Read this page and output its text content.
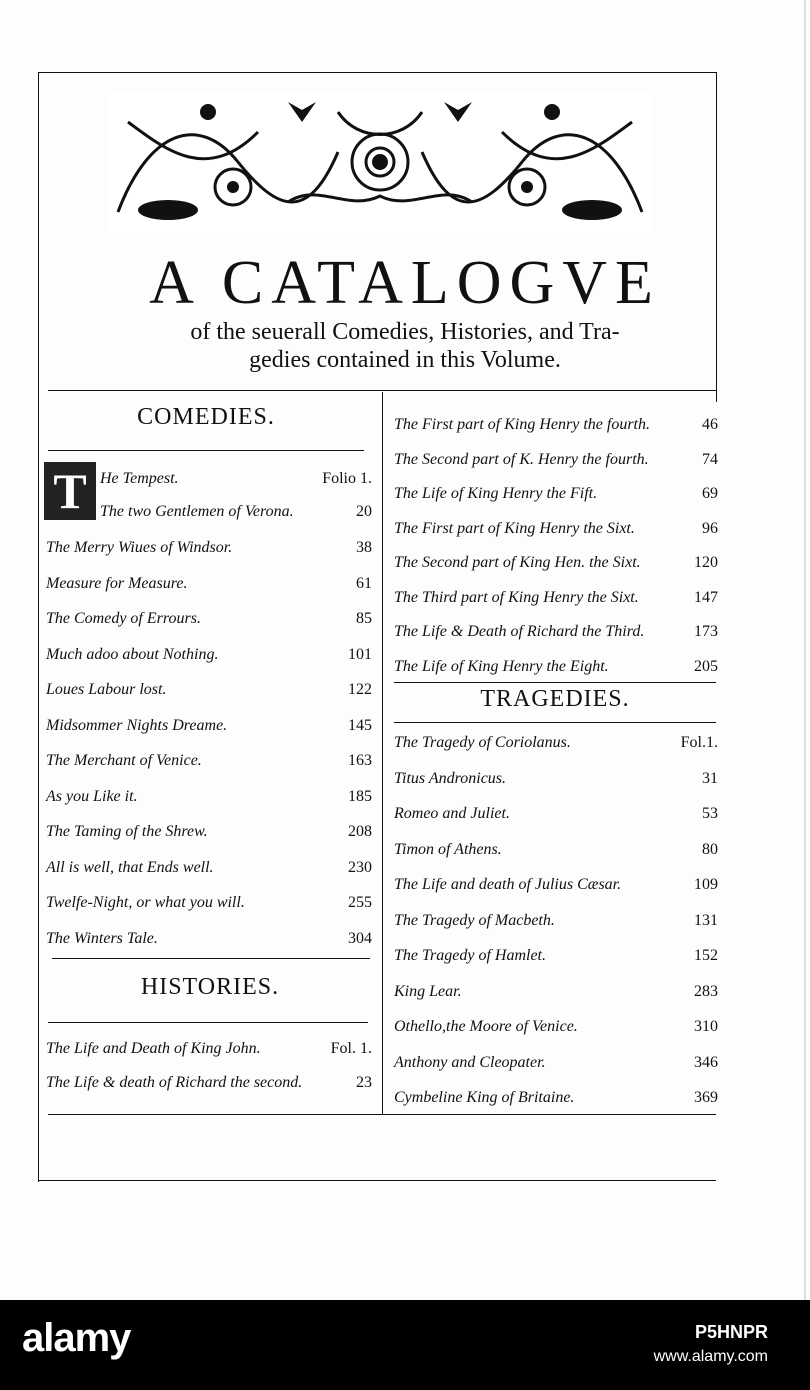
A CATALOGVE
of the seuerall Comedies, Histories, and Tra-
gedies contained in this Volume.
COMEDIES.
HISTORIES.
TRAGEDIES.
T He Tempest.	Folio 1.
The two Gentlemen of Verona.	20
The Merry Wiues of Windsor.	38
Measure for Measure.	61
The Comedy of Errours.	85
Much adoo about Nothing.	101
Loues Labour lost.	122
Midsommer Nights Dreame.	145
The Merchant of Venice.	163
As you Like it.	185
The Taming of the Shrew.	208
All is well, that Ends well.	230
Twelfe-Night, or what you will.	255
The Winters Tale.	304
The Life and Death of King John.	Fol. 1.
The Life & death of Richard the second.	23
The First part of King Henry the fourth.	46
The Second part of K. Henry the fourth.	74
The Life of King Henry the Fift.	69
The First part of King Henry the Sixt.	96
The Second part of King Hen. the Sixt.	120
The Third part of King Henry the Sixt.	147
The Life & Death of Richard the Third.	173
The Life of King Henry the Eight.	205
The Tragedy of Coriolanus.	Fol.1.
Titus Andronicus.	31
Romeo and Juliet.	53
Timon of Athens.	80
The Life and death of Julius Cæsar.	109
The Tragedy of Macbeth.	131
The Tragedy of Hamlet.	152
King Lear.	283
Othello,the Moore of Venice.	310
Anthony and Cleopater.	346
Cymbeline King of Britaine.	369
alamy	P5HNPR
www.alamy.com
